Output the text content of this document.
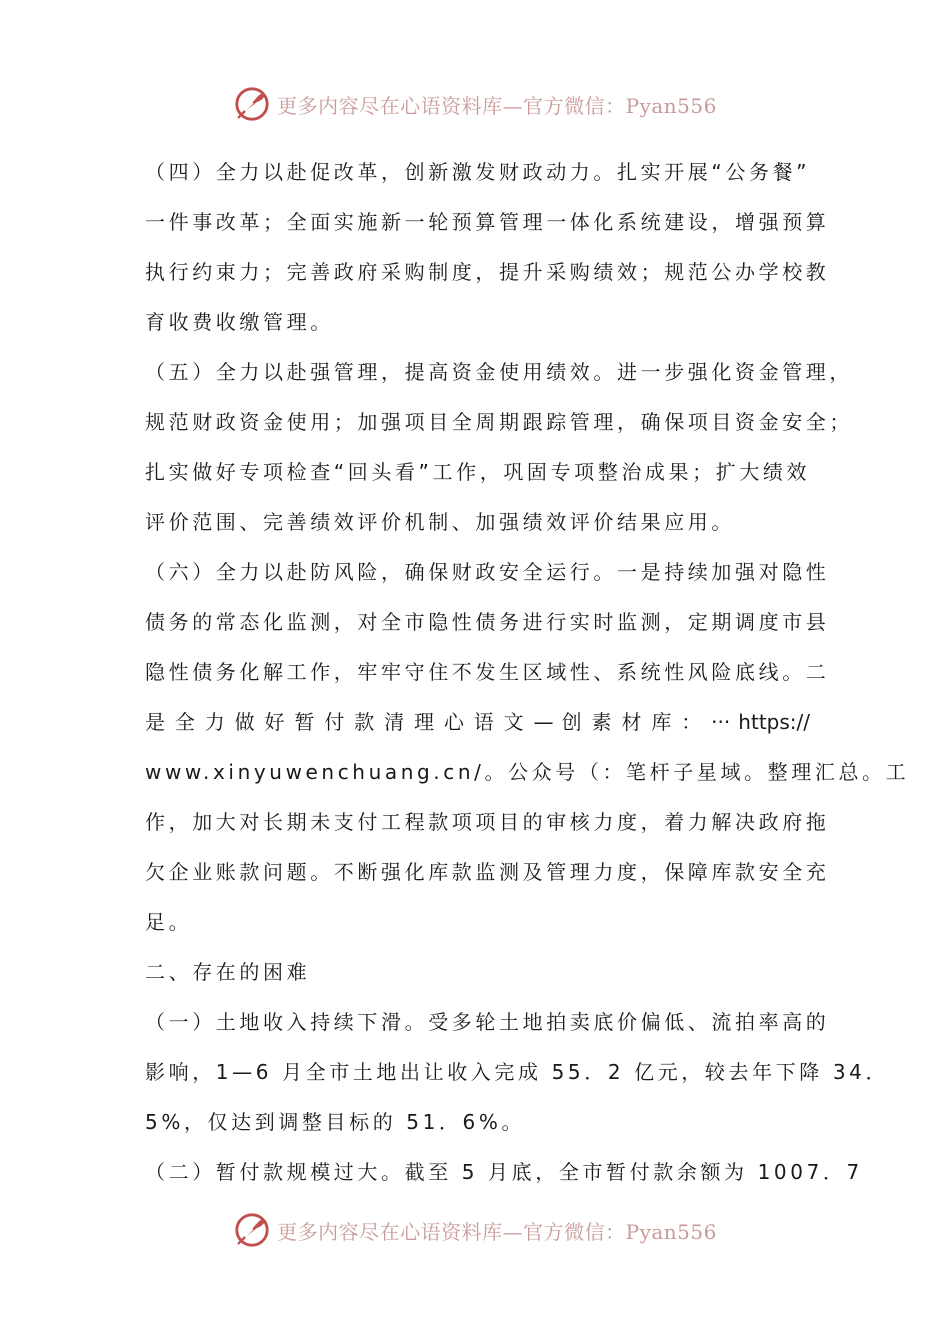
更多内容尽在心语资料库—官方微信：Pyan556
（四）全力以赴促改革，创新激发财政动力。扎实开展“公务餐”
一件事改革；全面实施新一轮预算管理一体化系统建设，增强预算
执行约束力；完善政府采购制度，提升采购绩效；规范公办学校教
育收费收缴管理。
（五）全力以赴强管理，提高资金使用绩效。进一步强化资金管理，
规范财政资金使用；加强项目全周期跟踪管理，确保项目资金安全；
扎实做好专项检查“回头看”工作，巩固专项整治成果；扩大绩效
评价范围、完善绩效评价机制、加强绩效评价结果应用。
（六）全力以赴防风险，确保财政安全运行。一是持续加强对隐性
债务的常态化监测，对全市隐性债务进行实时监测，定期调度市县
隐性债务化解工作，牢牢守住不发生区域性、系统性风险底线。二
是 全 力 做 好 暂 付 款 清 理 心 语 文 — 创 素 材 库 ： ··· https://
www.xinyuwenchuang.cn/。公众号（：笔杆子星域。整理汇总。工
作，加大对长期未支付工程款项项目的审核力度，着力解决政府拖
欠企业账款问题。不断强化库款监测及管理力度，保障库款安全充
足。
二、存在的困难
（一）土地收入持续下滑。受多轮土地拍卖底价偏低、流拍率高的
影响，1—6 月全市土地出让收入完成 55．2 亿元，较去年下降 34．
5%，仅达到调整目标的 51．6%。
（二）暂付款规模过大。截至 5 月底，全市暂付款余额为 1007．7
更多内容尽在心语资料库—官方微信：Pyan556
